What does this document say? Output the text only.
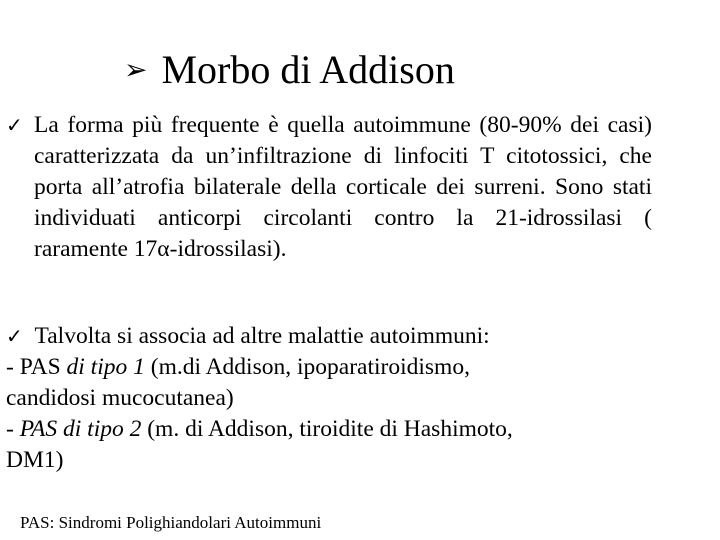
➢ Morbo di Addison
✓ La forma più frequente è quella autoimmune (80-90% dei casi) caratterizzata da un’infiltrazione di linfociti T citotossici, che porta all’atrofia bilaterale della corticale dei surreni. Sono stati individuati anticorpi circolanti contro la 21-idrossilasi ( raramente 17α-idrossilasi).
✓ Talvolta si associa ad altre malattie autoimmuni:
- PAS di tipo 1 (m.di Addison, ipoparatiroidismo,
candidosi mucocutanea)
- PAS di tipo 2 (m. di Addison, tiroidite di Hashimoto,
DM1)
PAS: Sindromi Polighiandolari Autoimmuni
